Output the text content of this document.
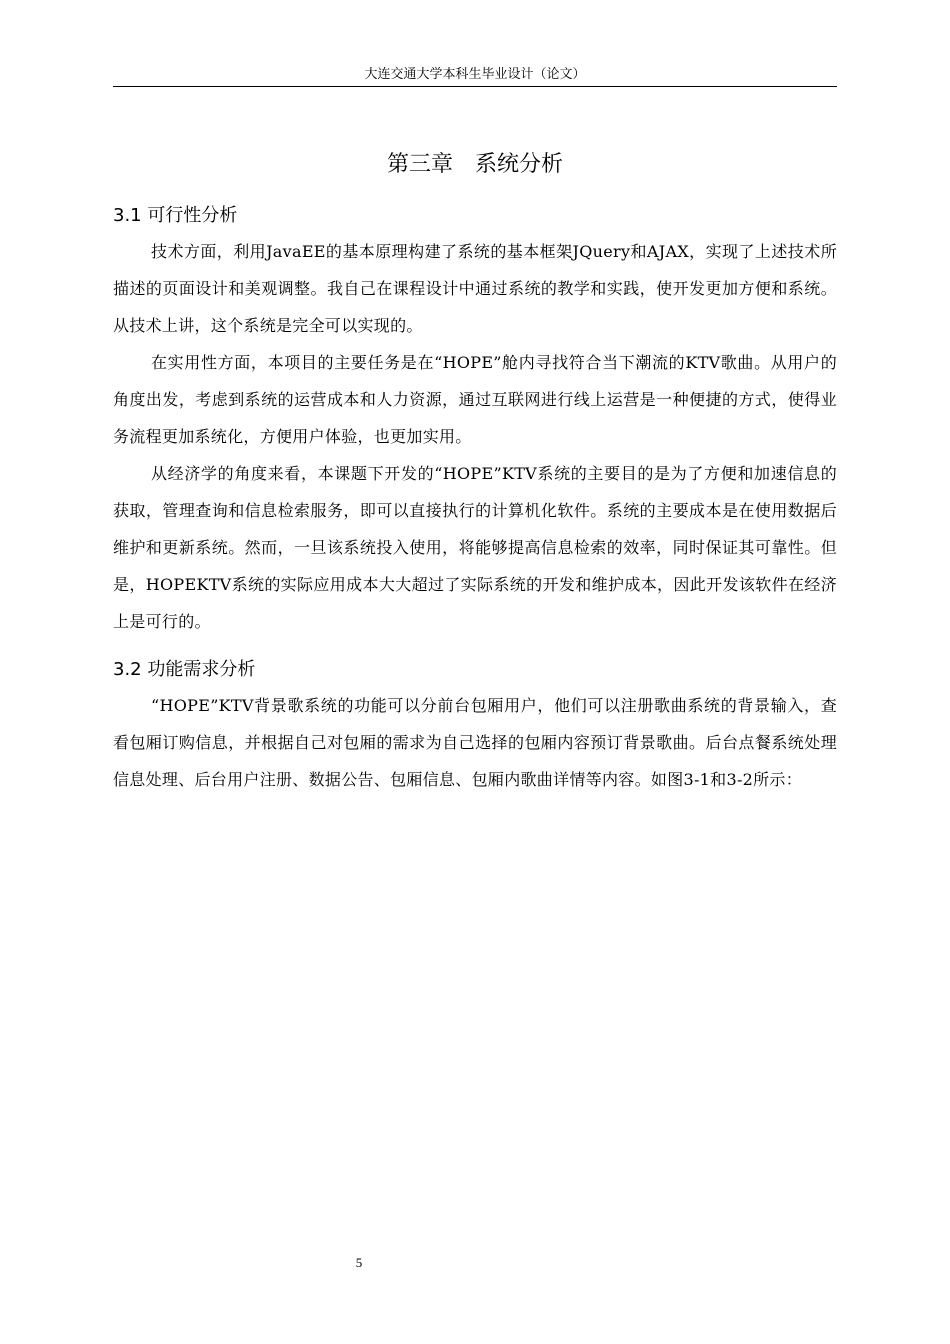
大连交通大学本科生毕业设计（论文）
第三章　系统分析
3.1 可行性分析

技术方面，利用JavaEE的基本原理构建了系统的基本框架JQuery和AJAX，实现了上述技术所描述的页面设计和美观调整。我自己在课程设计中通过系统的教学和实践，使开发更加方便和系统。从技术上讲，这个系统是完全可以实现的。

在实用性方面，本项目的主要任务是在“HOPE”舱内寻找符合当下潮流的KTV歌曲。从用户的角度出发，考虑到系统的运营成本和人力资源，通过互联网进行线上运营是一种便捷的方式，使得业务流程更加系统化，方便用户体验，也更加实用。

从经济学的角度来看，本课题下开发的“HOPE”KTV系统的主要目的是为了方便和加速信息的获取，管理查询和信息检索服务，即可以直接执行的计算机化软件。系统的主要成本是在使用数据后维护和更新系统。然而，一旦该系统投入使用，将能够提高信息检索的效率，同时保证其可靠性。但是，HOPEKTV系统的实际应用成本大大超过了实际系统的开发和维护成本，因此开发该软件在经济上是可行的。

3.2 功能需求分析

“HOPE”KTV背景歌系统的功能可以分前台包厢用户，他们可以注册歌曲系统的背景输入，查看包厢订购信息，并根据自己对包厢的需求为自己选择的包厢内容预订背景歌曲。后台点餐系统处理信息处理、后台用户注册、数据公告、包厢信息、包厢内歌曲详情等内容。如图3-1和3-2所示：

5
